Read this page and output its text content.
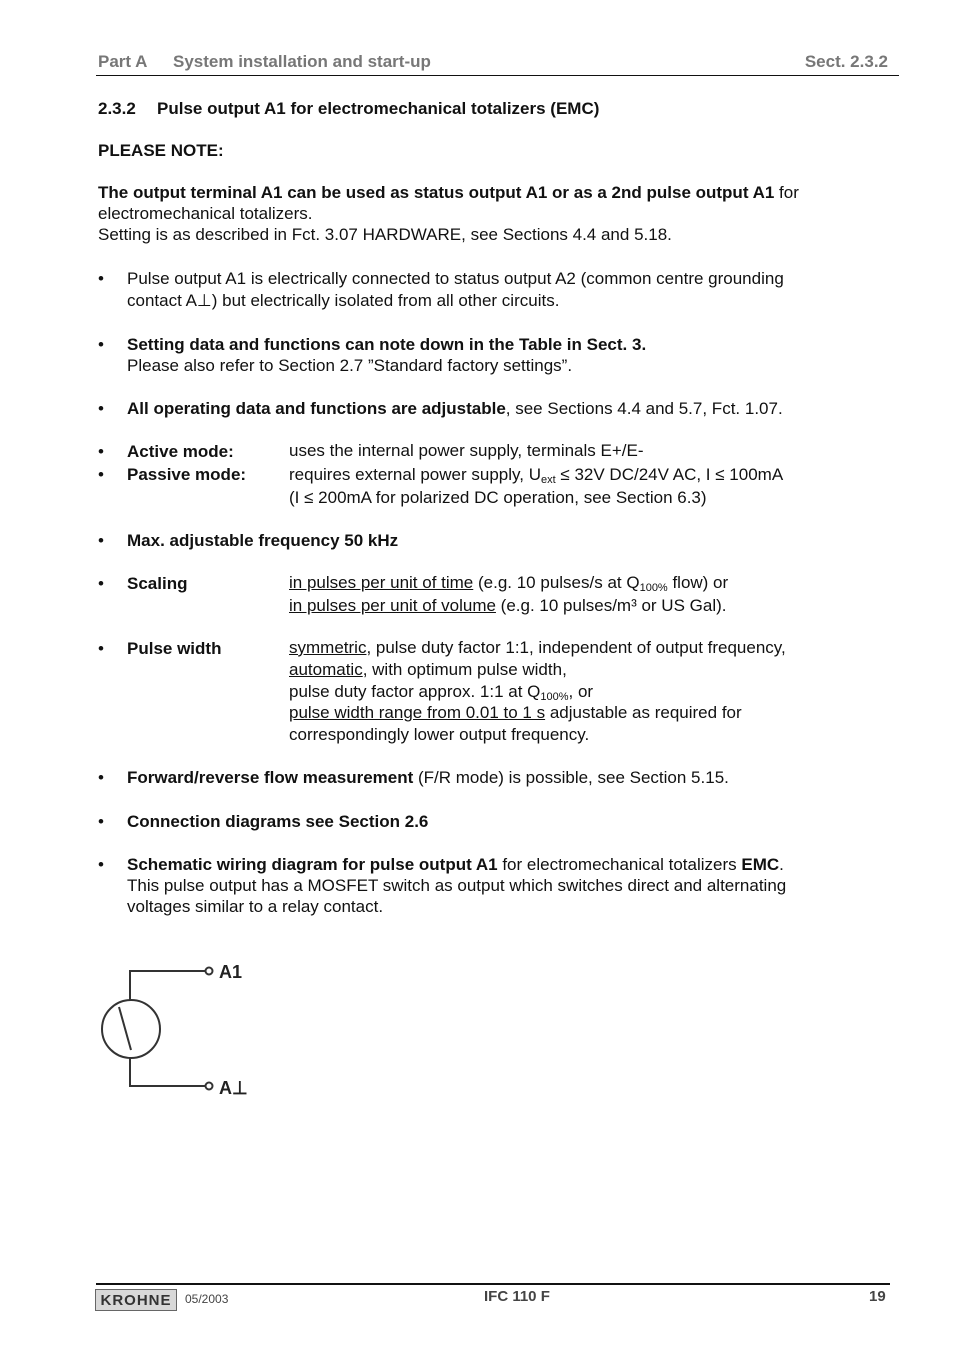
Part A System installation and start-up	Sect. 2.3.2
2.3.2 Pulse output A1 for electromechanical totalizers (EMC)
PLEASE NOTE:
The output terminal A1 can be used as status output A1 or as a 2nd pulse output A1 for
electromechanical totalizers.
Setting is as described in Fct. 3.07 HARDWARE, see Sections 4.4 and 5.18.
• Pulse output A1 is electrically connected to status output A2 (common centre grounding
contact A⊥) but electrically isolated from all other circuits.
• Setting data and functions can note down in the Table in Sect. 3.
Please also refer to Section 2.7 ”Standard factory settings”.
• All operating data and functions are adjustable, see Sections 4.4 and 5.7, Fct. 1.07.
• Active mode:	uses the internal power supply, terminals E+/E-
• Passive mode:	requires external power supply, $U_{ext} \le 32V$ DC/24V AC, I ≤ 100mA
(I ≤ 200mA for polarized DC operation, see Section 6.3)
• Max. adjustable frequency 50 kHz
• Scaling	in pulses per unit of time (e.g. 10 pulses/s at $Q_{100\%}$ flow) or
in pulses per unit of volume (e.g. 10 pulses/m³ or US Gal).
• Pulse width	symmetric, pulse duty factor 1:1, independent of output frequency,
automatic, with optimum pulse width,
pulse duty factor approx. 1:1 at $Q_{100\%}$, or
pulse width range from 0.01 to 1 s adjustable as required for
correspondingly lower output frequency.
• Forward/reverse flow measurement (F/R mode) is possible, see Section 5.15.
• Connection diagrams see Section 2.6
• Schematic wiring diagram for pulse output A1 for electromechanical totalizers EMC.
This pulse output has a MOSFET switch as output which switches direct and alternating
voltages similar to a relay contact.
A1
A⊥
KROHNE	05/2003	IFC 110 F	19
